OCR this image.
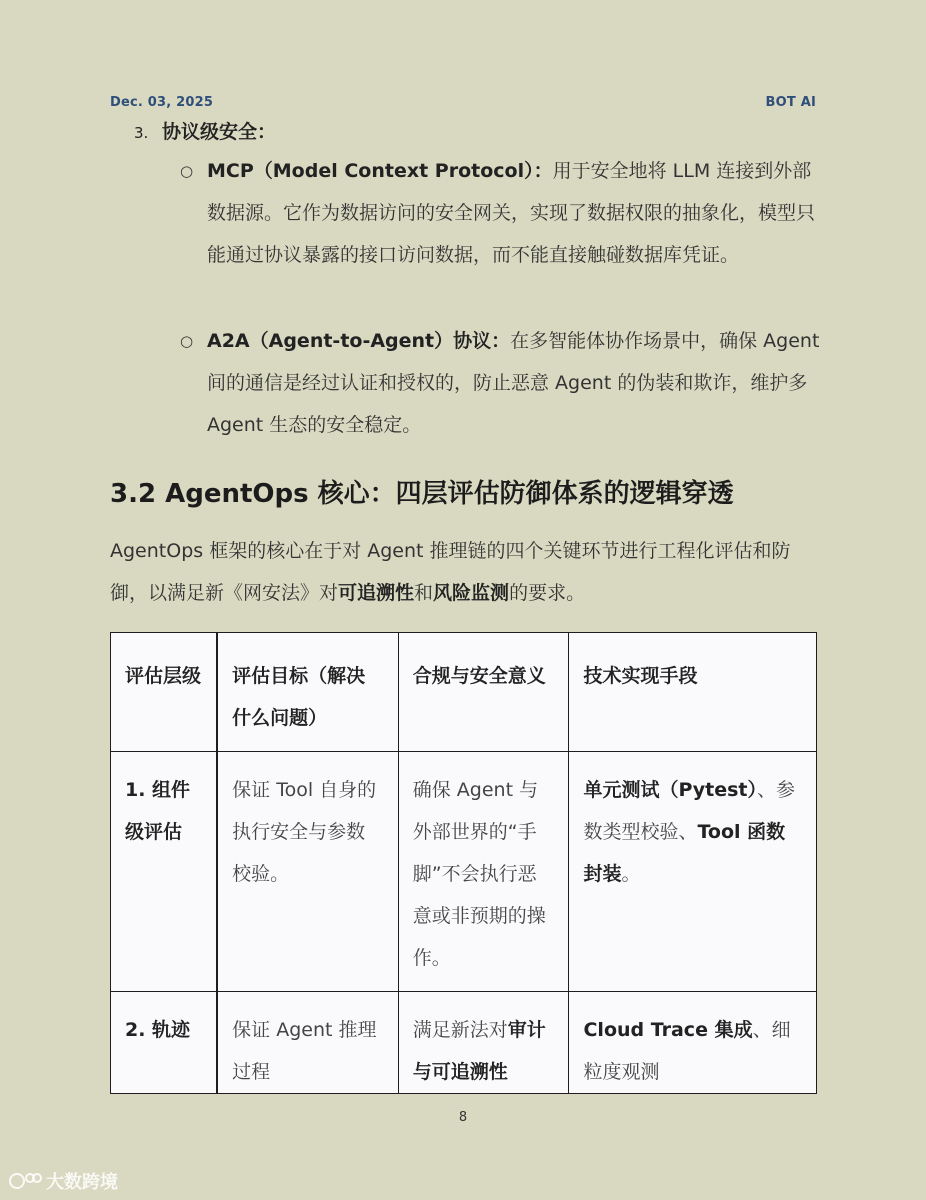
Dec. 03, 2025	BOT AI
3. 协议级安全：
○ MCP（Model Context Protocol）：用于安全地将 LLM 连接到外部数据源。它作为数据访问的安全网关，实现了数据权限的抽象化，模型只能通过协议暴露的接口访问数据，而不能直接触碰数据库凭证。
○ A2A（Agent-to-Agent）协议：在多智能体协作场景中，确保 Agent 间的通信是经过认证和授权的，防止恶意 Agent 的伪装和欺诈，维护多 Agent 生态的安全稳定。
3.2 AgentOps 核心：四层评估防御体系的逻辑穿透
AgentOps 框架的核心在于对 Agent 推理链的四个关键环节进行工程化评估和防御，以满足新《网安法》对可追溯性和风险监测的要求。
评估层级	评估目标（解决什么问题）	合规与安全意义	技术实现手段
1. 组件级评估	保证 Tool 自身的执行安全与参数校验。	确保 Agent 与外部世界的“手脚”不会执行恶意或非预期的操作。	单元测试（Pytest）、参数类型校验、Tool 函数封装。
2. 轨迹	保证 Agent 推理过程	满足新法对审计与可追溯性	Cloud Trace 集成、细粒度观测
8
大数跨境
